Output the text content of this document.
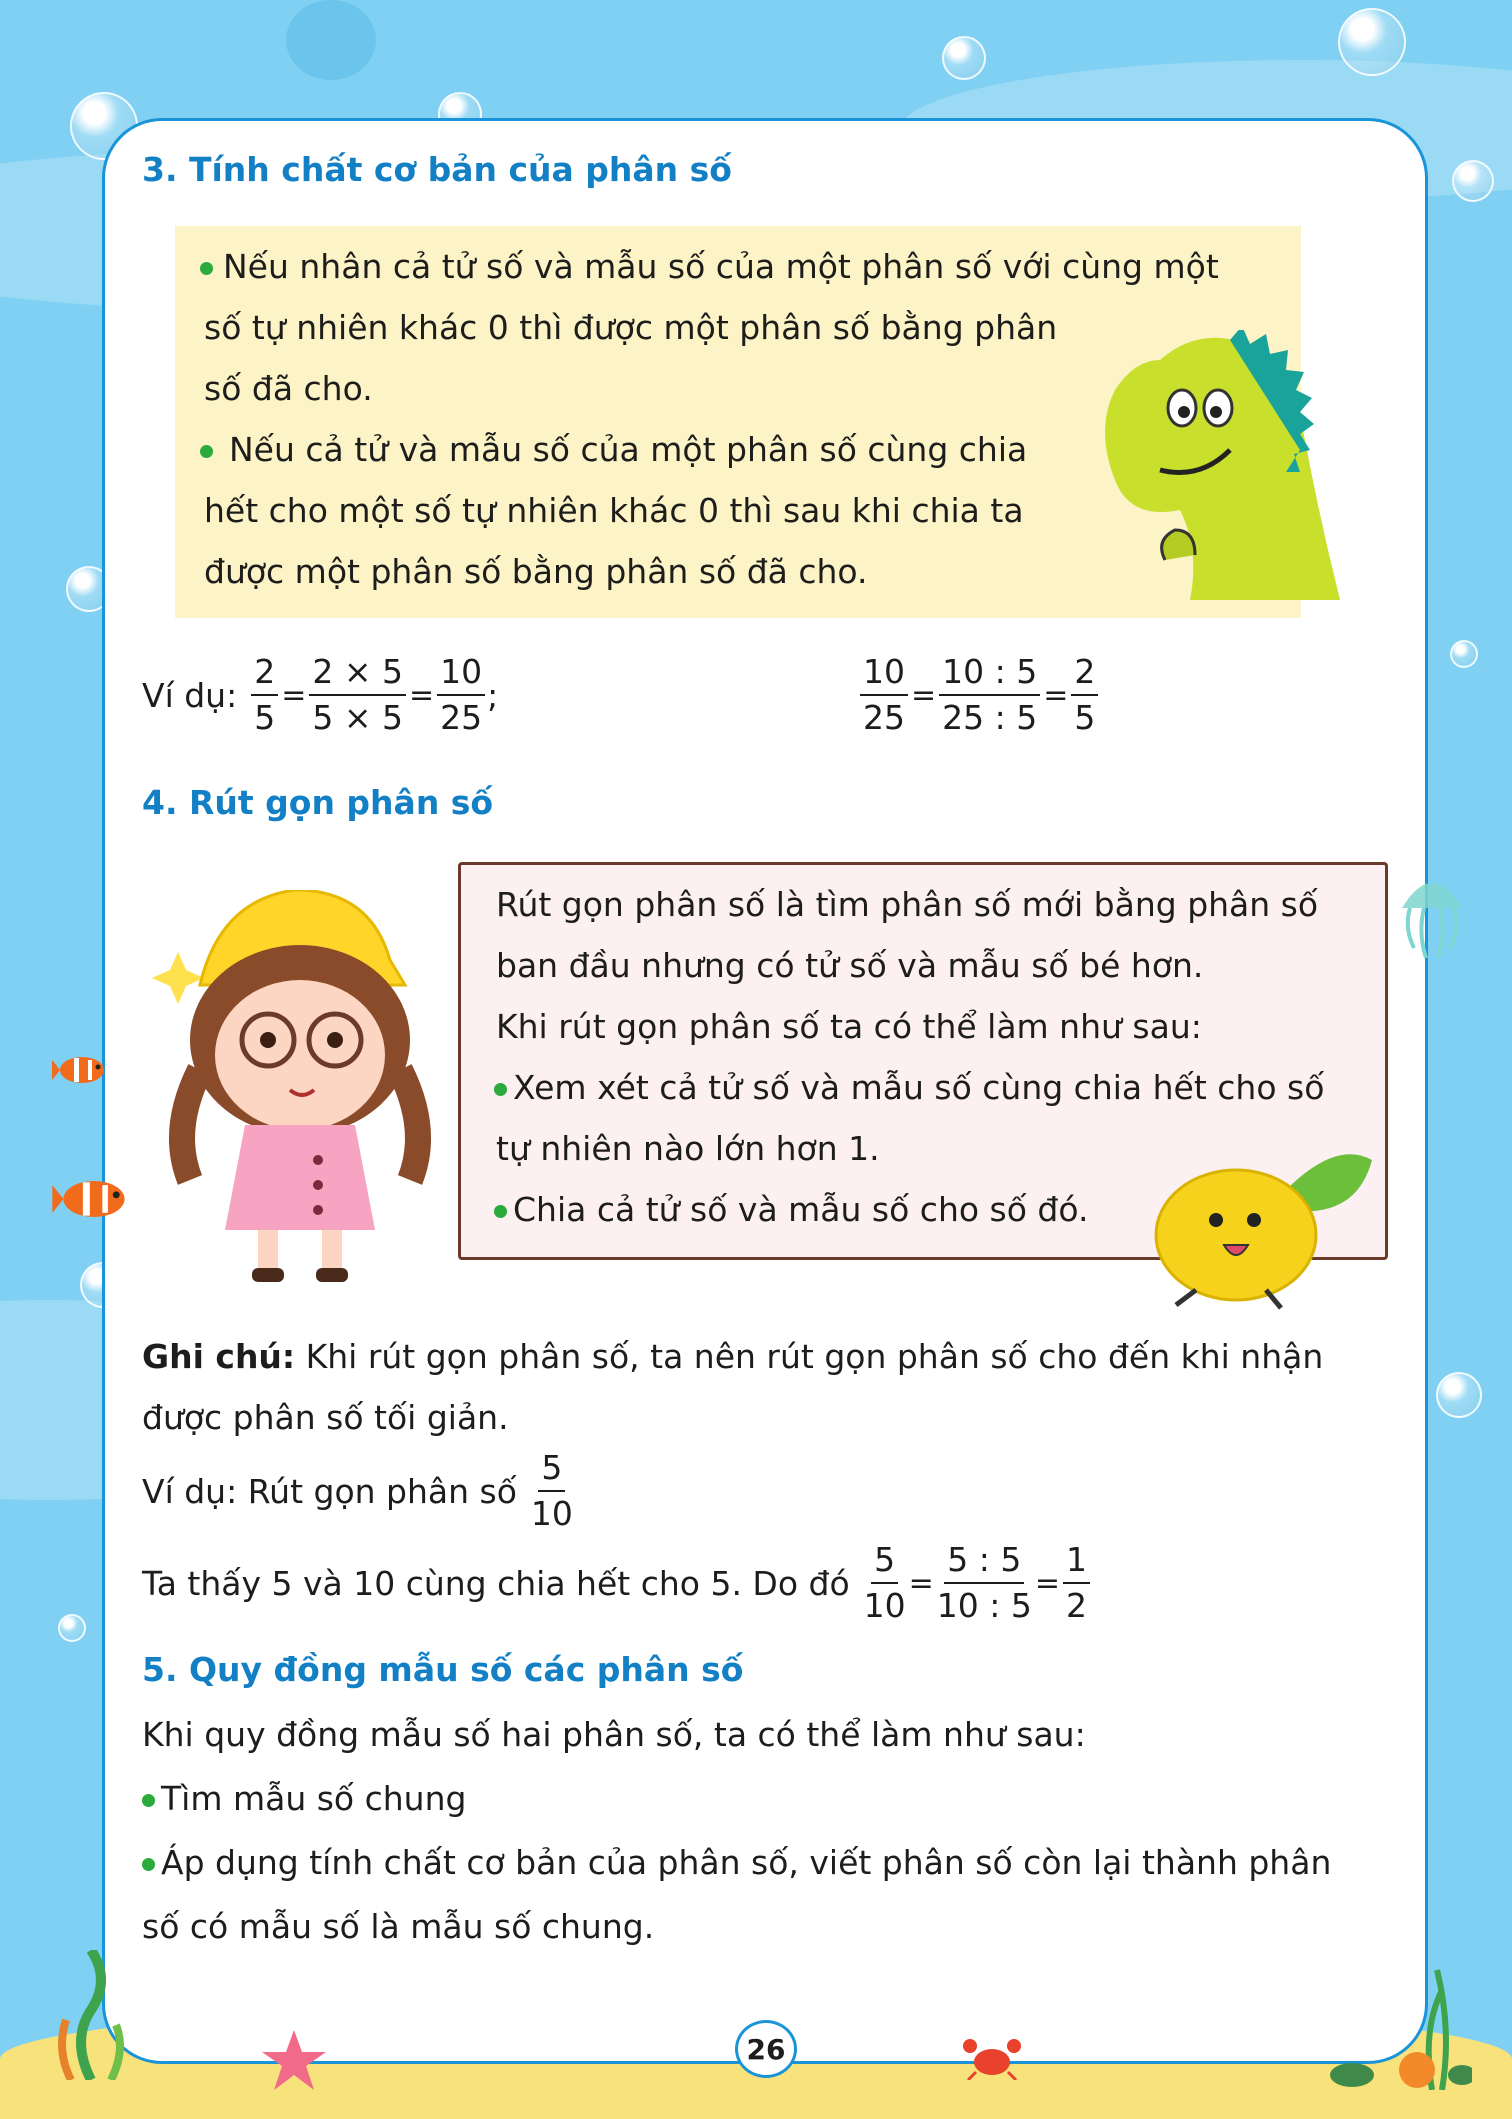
3. Tính chất cơ bản của phân số
Nếu nhân cả tử số và mẫu số của một phân số với cùng một
số tự nhiên khác 0 thì được một phân số bằng phân
số đã cho.
Nếu cả tử và mẫu số của một phân số cùng chia
hết cho một số tự nhiên khác 0 thì sau khi chia ta
được một phân số bằng phân số đã cho.
Ví dụ: $\frac{2}{5} = \frac{2 \times 5}{5 \times 5} = \frac{10}{25}$ ;	$\frac{10}{25} = \frac{10 : 5}{25 : 5} = \frac{2}{5}$
4. Rút gọn phân số
Rút gọn phân số là tìm phân số mới bằng phân số
ban đầu nhưng có tử số và mẫu số bé hơn.
Khi rút gọn phân số ta có thể làm như sau:
Xem xét cả tử số và mẫu số cùng chia hết cho số
tự nhiên nào lớn hơn 1.
Chia cả tử số và mẫu số cho số đó.
Ghi chú: Khi rút gọn phân số, ta nên rút gọn phân số cho đến khi nhận
được phân số tối giản.
Ví dụ: Rút gọn phân số $\frac{5}{10}$
Ta thấy 5 và 10 cùng chia hết cho 5. Do đó $\frac{5}{10} = \frac{5 : 5}{10 : 5} = \frac{1}{2}$
5. Quy đồng mẫu số các phân số
Khi quy đồng mẫu số hai phân số, ta có thể làm như sau:
Tìm mẫu số chung
Áp dụng tính chất cơ bản của phân số, viết phân số còn lại thành phân
số có mẫu số là mẫu số chung.
26
